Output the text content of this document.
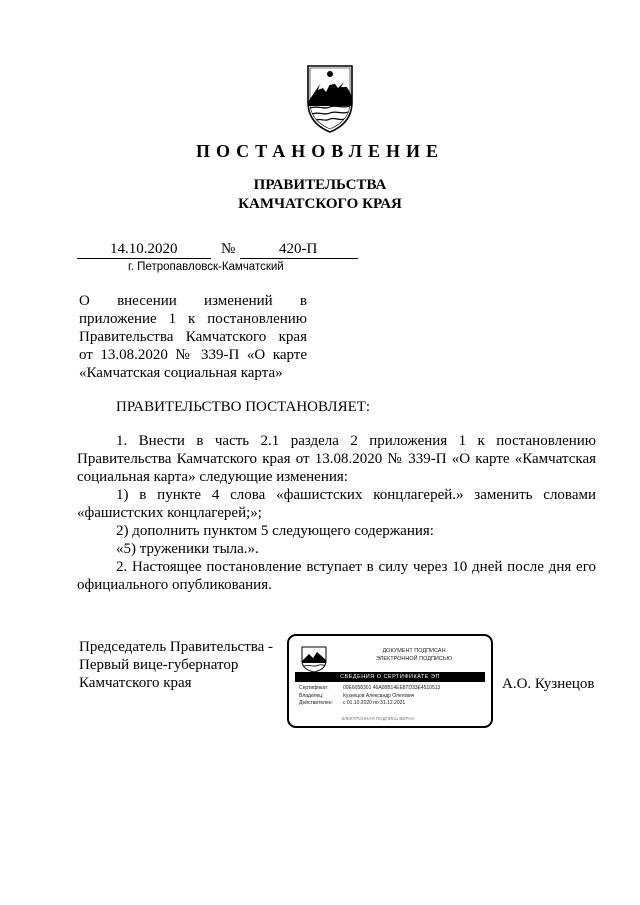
ПОСТАНОВЛЕНИЕ
ПРАВИТЕЛЬСТВА
КАМЧАТСКОГО КРАЯ
14.10.2020	№	420-П
г. Петропавловск-Камчатский
О внесении изменений в
приложение 1 к постановлению
Правительства Камчатского края
от 13.08.2020 № 339-П «О карте
«Камчатская социальная карта»
ПРАВИТЕЛЬСТВО ПОСТАНОВЛЯЕТ:

1. Внести в часть 2.1 раздела 2 приложения 1 к постановлению Правительства Камчатского края от 13.08.2020 № 339-П «О карте «Камчатская социальная карта» следующие изменения:

1) в пункте 4 слова «фашистских концлагерей.» заменить словами «фашистских концлагерей;»;

2) дополнить пунктом 5 следующего содержания:

«5) труженики тыла.».

2. Настоящее постановление вступает в силу через 10 дней после дня его официального опубликования.

Председатель Правительства -
Первый вице-губернатор
Камчатского края
ДОКУМЕНТ ПОДПИСАН
ЭЛЕКТРОННОЙ ПОДПИСЬЮ
СВЕДЕНИЯ О СЕРТИФИКАТЕ ЭП
Сертификат:	00E6058301 46A08B14EE87D33E4510513
Владелец:	Кузнецов Александр Олегович
Действителен: с 01.10.2020 по 31.12.2021
ЭЛЕКТРОННАЯ ПОДПИСЬ ВЕРНА
А.О. Кузнецов
